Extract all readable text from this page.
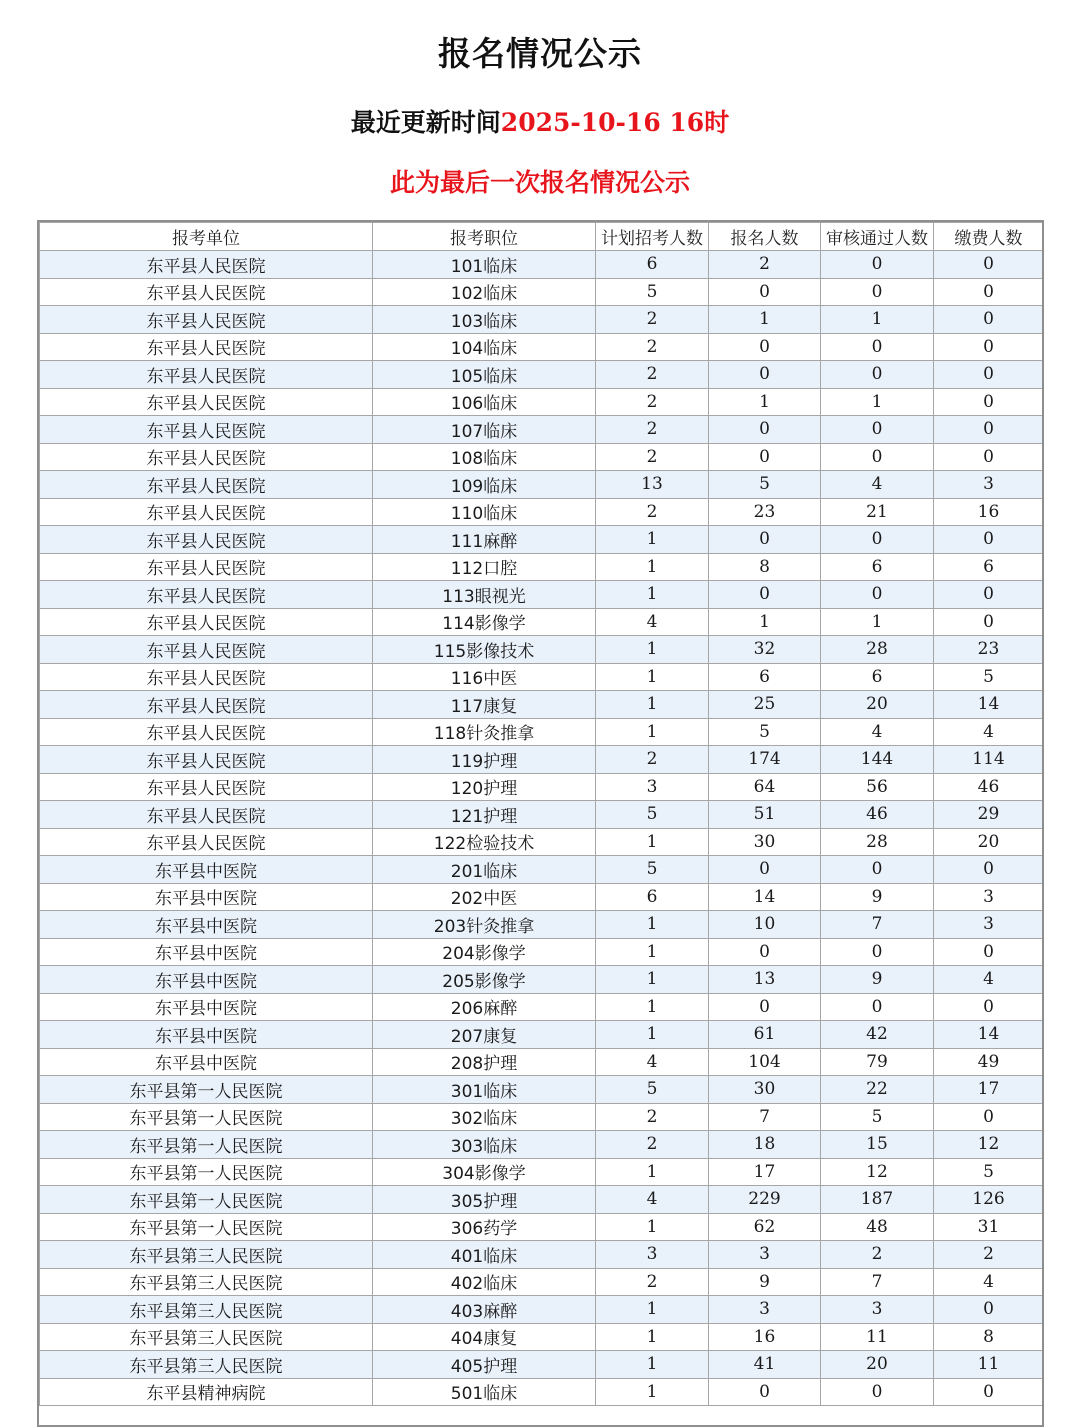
报名情况公示
最近更新时间2025-10-16 16时
此为最后一次报名情况公示
报考单位	报考职位	计划招考人数	报名人数	审核通过人数	缴费人数
东平县人民医院	101临床	6	2	0	0
东平县人民医院	102临床	5	0	0	0
东平县人民医院	103临床	2	1	1	0
东平县人民医院	104临床	2	0	0	0
东平县人民医院	105临床	2	0	0	0
东平县人民医院	106临床	2	1	1	0
东平县人民医院	107临床	2	0	0	0
东平县人民医院	108临床	2	0	0	0
东平县人民医院	109临床	13	5	4	3
东平县人民医院	110临床	2	23	21	16
东平县人民医院	111麻醉	1	0	0	0
东平县人民医院	112口腔	1	8	6	6
东平县人民医院	113眼视光	1	0	0	0
东平县人民医院	114影像学	4	1	1	0
东平县人民医院	115影像技术	1	32	28	23
东平县人民医院	116中医	1	6	6	5
东平县人民医院	117康复	1	25	20	14
东平县人民医院	118针灸推拿	1	5	4	4
东平县人民医院	119护理	2	174	144	114
东平县人民医院	120护理	3	64	56	46
东平县人民医院	121护理	5	51	46	29
东平县人民医院	122检验技术	1	30	28	20
东平县中医院	201临床	5	0	0	0
东平县中医院	202中医	6	14	9	3
东平县中医院	203针灸推拿	1	10	7	3
东平县中医院	204影像学	1	0	0	0
东平县中医院	205影像学	1	13	9	4
东平县中医院	206麻醉	1	0	0	0
东平县中医院	207康复	1	61	42	14
东平县中医院	208护理	4	104	79	49
东平县第一人民医院	301临床	5	30	22	17
东平县第一人民医院	302临床	2	7	5	0
东平县第一人民医院	303临床	2	18	15	12
东平县第一人民医院	304影像学	1	17	12	5
东平县第一人民医院	305护理	4	229	187	126
东平县第一人民医院	306药学	1	62	48	31
东平县第三人民医院	401临床	3	3	2	2
东平县第三人民医院	402临床	2	9	7	4
东平县第三人民医院	403麻醉	1	3	3	0
东平县第三人民医院	404康复	1	16	11	8
东平县第三人民医院	405护理	1	41	20	11
东平县精神病院	501临床	1	0	0	0
